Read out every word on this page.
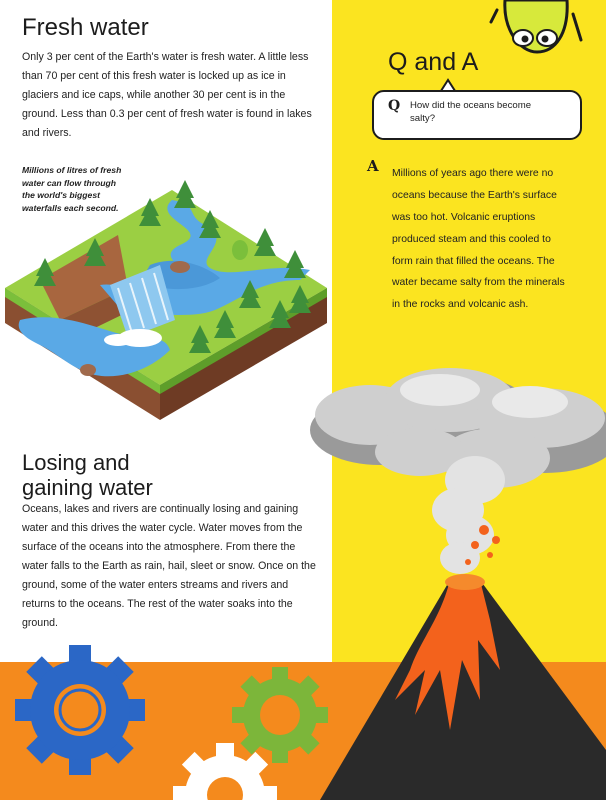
Fresh water

Only 3 per cent of the Earth's water is fresh water. A little less than 70 per cent of this fresh water is locked up as ice in glaciers and ice caps, while another 30 per cent is in the ground. Less than 0.3 per cent of fresh water is found in lakes and rivers.

Millions of litres of fresh water can flow through the world's biggest waterfalls each second.

Losing and
gaining water

Oceans, lakes and rivers are continually losing and gaining water and this drives the water cycle. Water moves from the surface of the oceans into the atmosphere. From there the water falls to the Earth as rain, hail, sleet or snow. Once on the ground, some of the water enters streams and rivers and returns to the oceans. The rest of the water soaks into the ground.

Q and A
Q How did the oceans become salty?
A Millions of years ago there were no oceans because the Earth's surface was too hot. Volcanic eruptions produced steam and this cooled to form rain that filled the oceans. The water became salty from the minerals in the rocks and volcanic ash.
